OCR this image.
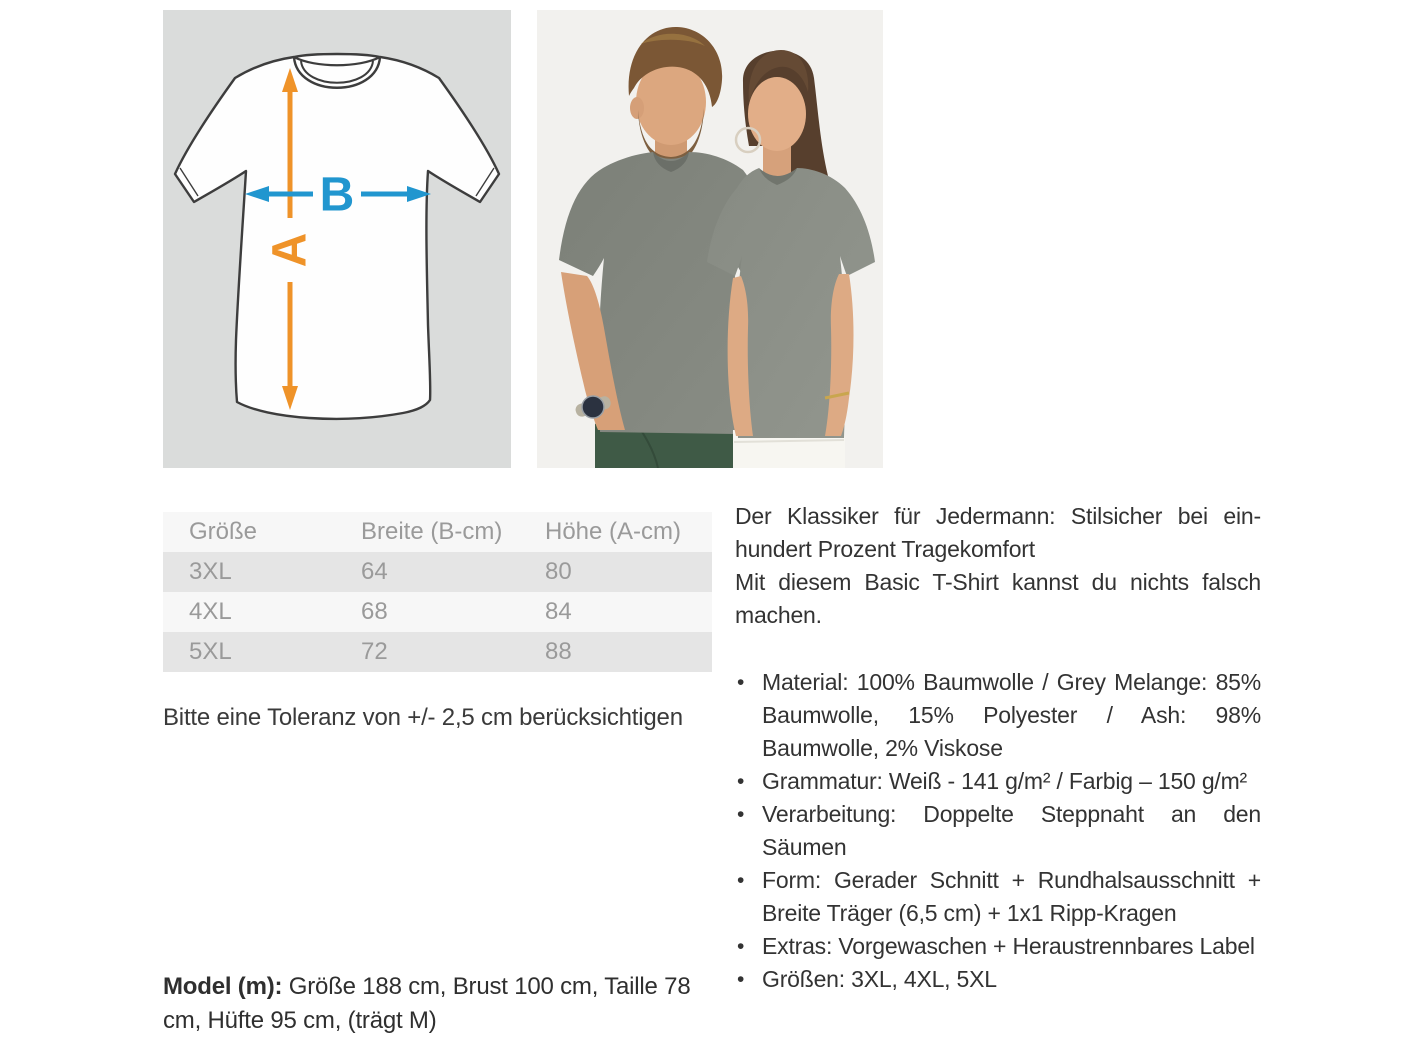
A
B
Größe	Breite (B-cm)	Höhe (A-cm)
3XL	64	80
4XL	68	84
5XL	72	88

Bitte eine Toleranz von +/- 2,5 cm berücksichtigen

Model (m): Größe 188 cm, Brust 100 cm, Taille 78 cm, Hüfte 95 cm, (trägt M)

Der Klassiker für Jedermann: Stilsicher bei ein-hundert Prozent Tragekomfort

Mit diesem Basic T-Shirt kannst du nichts falsch machen.

• Material: 100% Baumwolle / Grey Melange: 85% Baumwolle, 15% Polyester / Ash: 98% Baumwolle, 2% Viskose
• Grammatur: Weiß - 141 g/m² / Farbig – 150 g/m²
• Verarbeitung: Doppelte Steppnaht an den Säumen
• Form: Gerader Schnitt + Rundhalsausschnitt + Breite Träger (6,5 cm) + 1x1 Ripp-Kragen
• Extras: Vorgewaschen + Heraustrennbares Label
• Größen: 3XL, 4XL, 5XL
